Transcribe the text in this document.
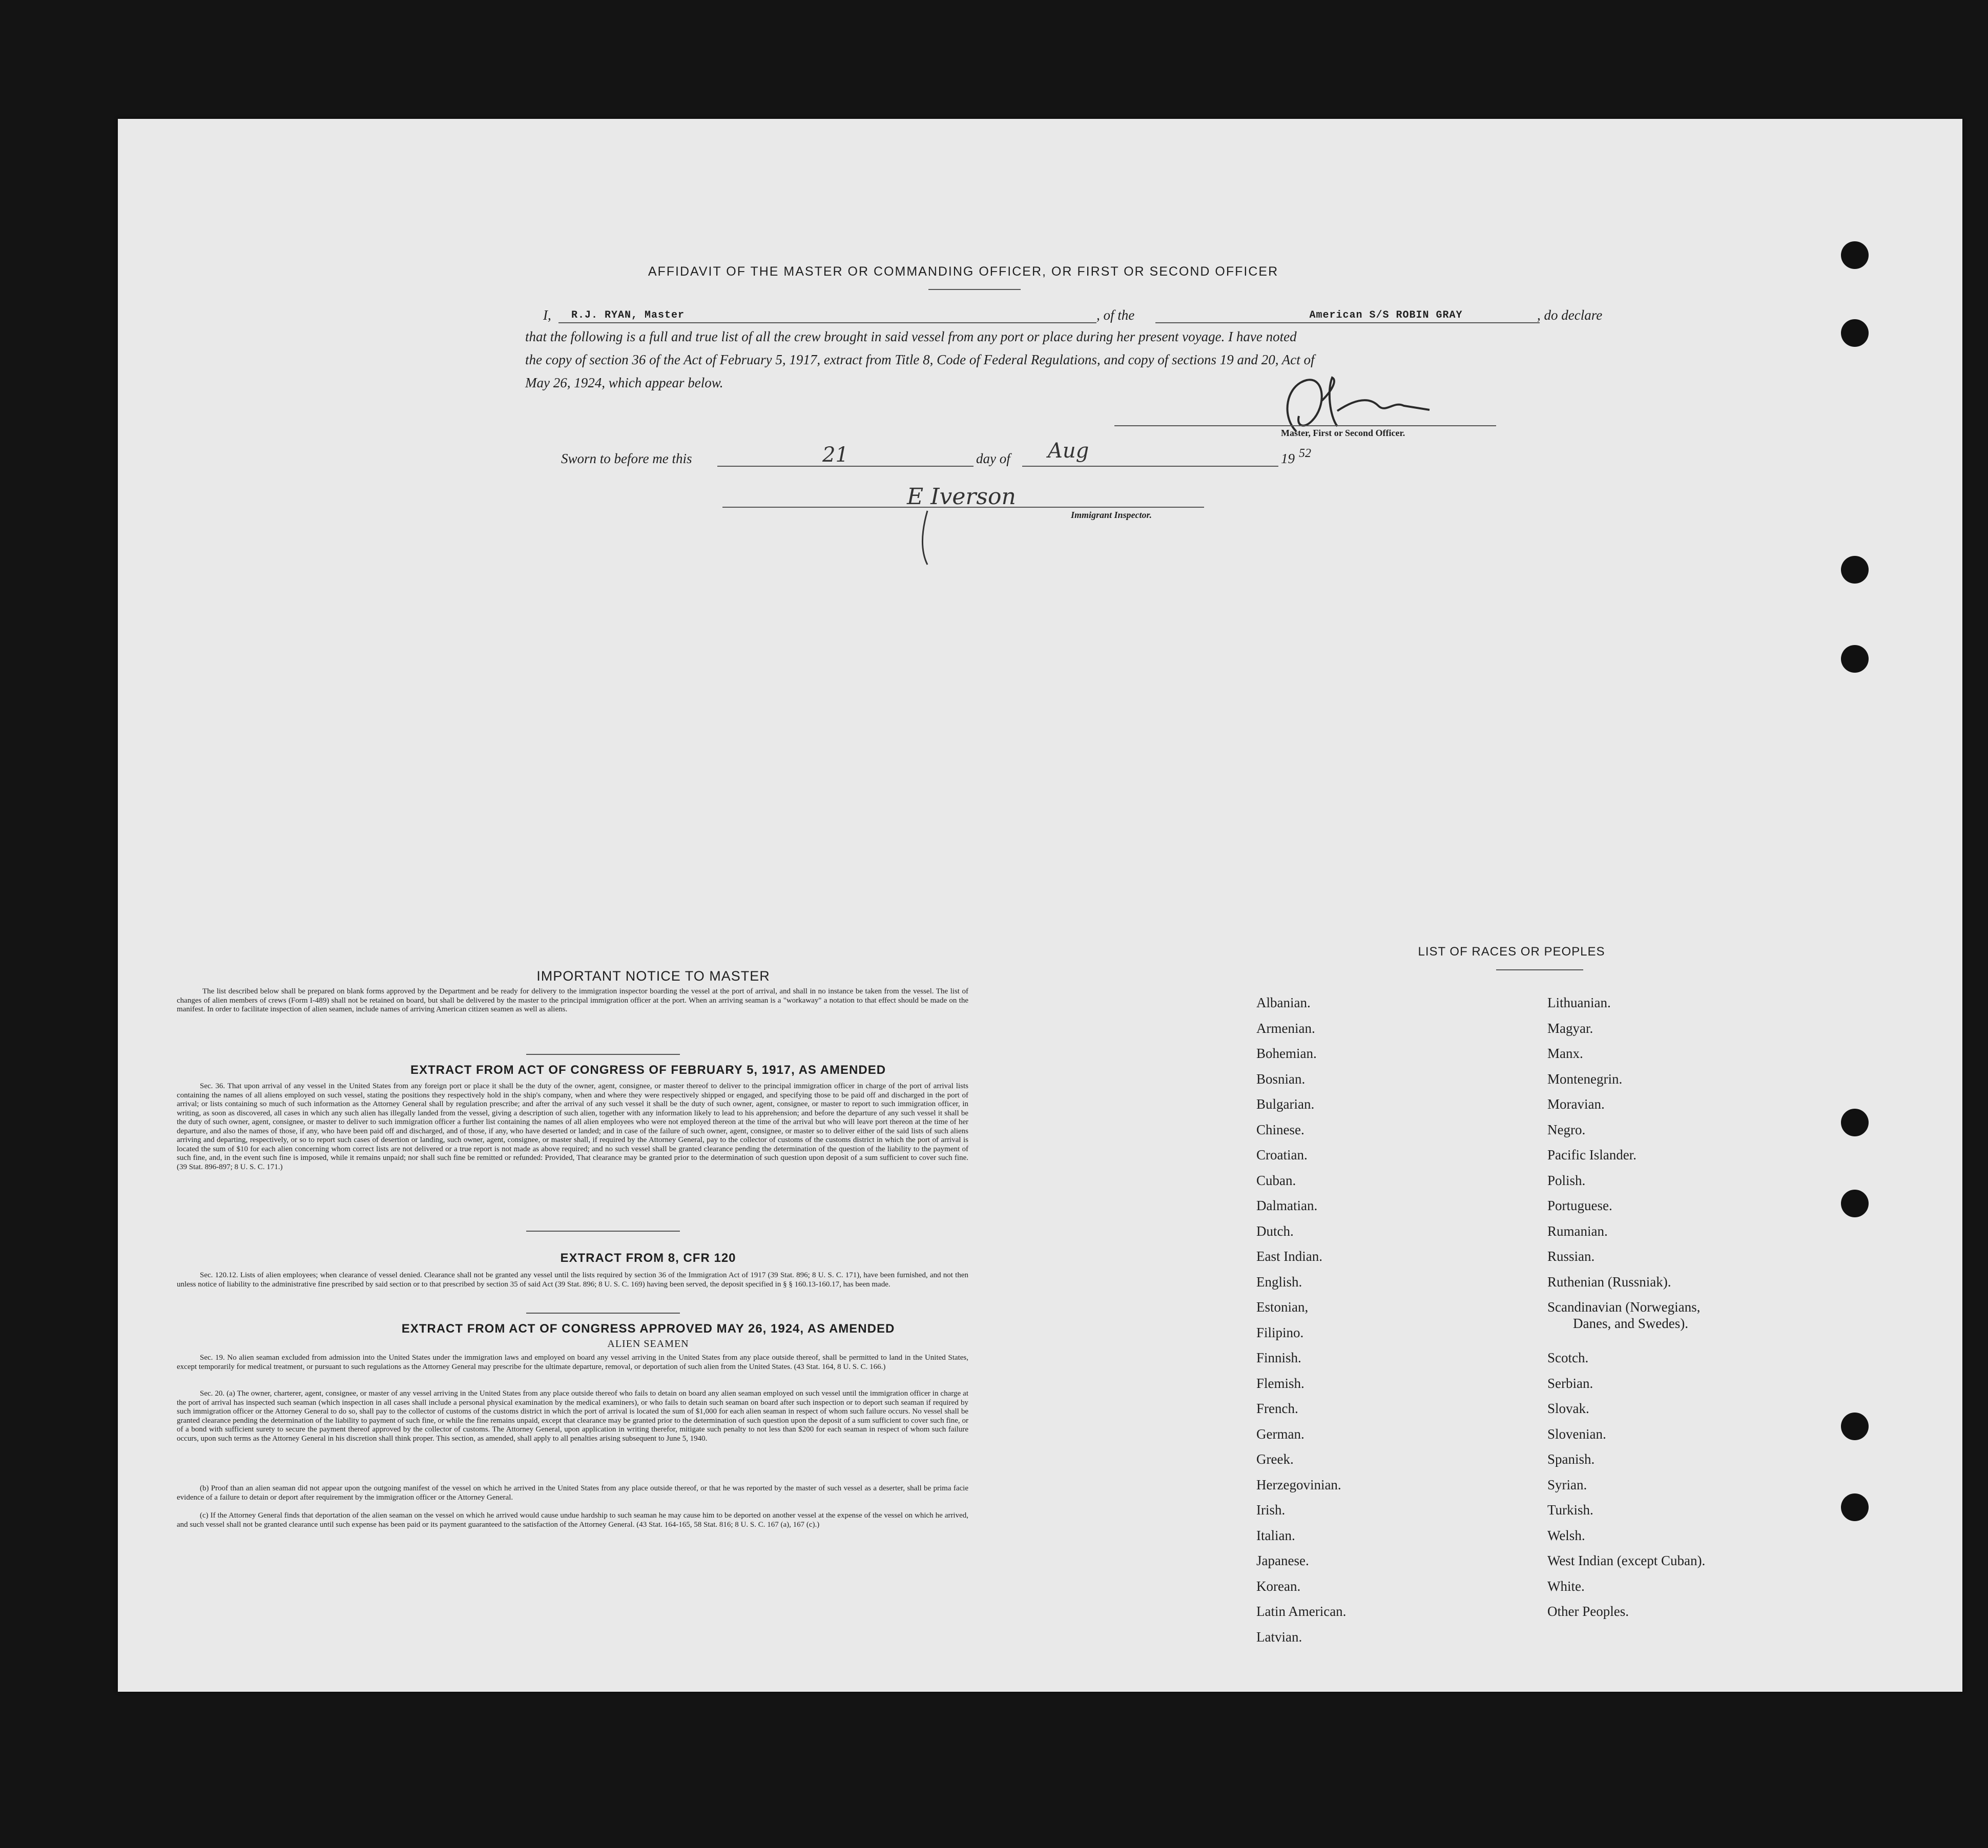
AFFIDAVIT OF THE MASTER OR COMMANDING OFFICER, OR FIRST OR SECOND OFFICER
I, R.J. RYAN, Master	, of the	American S/S ROBIN GRAY	, do declare
that the following is a full and true list of all the crew brought in said vessel from any port or place during her present voyage. I have noted
the copy of section 36 of the Act of February 5, 1917, extract from Title 8, Code of Federal Regulations, and copy of sections 19 and 20, Act of
May 26, 1924, which appear below.
Master, First or Second Officer.
Sworn to before me this	21	day of Aug	19 52
E Iverson
Immigrant Inspector.
IMPORTANT NOTICE TO MASTER
The list described below shall be prepared on blank forms approved by the Department and be ready for delivery to the immigration inspector boarding the vessel at the port of arrival, and shall in no instance be taken from the vessel. The list of changes of alien members of crews (Form I-489) shall not be retained on board, but shall be delivered by the master to the principal immigration officer at the port. When an arriving seaman is a "workaway" a notation to that effect should be made on the manifest. In order to facilitate inspection of alien seamen, include names of arriving American citizen seamen as well as aliens.
EXTRACT FROM ACT OF CONGRESS OF FEBRUARY 5, 1917, AS AMENDED
Sec. 36. That upon arrival of any vessel in the United States from any foreign port or place it shall be the duty of the owner, agent, consignee, or master thereof to deliver to the principal immigration officer in charge of the port of arrival lists containing the names of all aliens employed on such vessel, stating the positions they respectively hold in the ship's company, when and where they were respectively shipped or engaged, and specifying those to be paid off and discharged in the port of arrival; or lists containing so much of such information as the Attorney General shall by regulation prescribe; and after the arrival of any such vessel it shall be the duty of such owner, agent, consignee, or master to report to such immigration officer, in writing, as soon as discovered, all cases in which any such alien has illegally landed from the vessel, giving a description of such alien, together with any information likely to lead to his apprehension; and before the departure of any such vessel it shall be the duty of such owner, agent, consignee, or master to deliver to such immigration officer a further list containing the names of all alien employees who were not employed thereon at the time of the arrival but who will leave port thereon at the time of her departure, and also the names of those, if any, who have been paid off and discharged, and of those, if any, who have deserted or landed; and in case of the failure of such owner, agent, consignee, or master so to deliver either of the said lists of such aliens arriving and departing, respectively, or so to report such cases of desertion or landing, such owner, agent, consignee, or master shall, if required by the Attorney General, pay to the collector of customs of the customs district in which the port of arrival is located the sum of $10 for each alien concerning whom correct lists are not delivered or a true report is not made as above required; and no such vessel shall be granted clearance pending the determination of the question of the liability to the payment of such fine, and, in the event such fine is imposed, while it remains unpaid; nor shall such fine be remitted or refunded: Provided, That clearance may be granted prior to the determination of such question upon deposit of a sum sufficient to cover such fine. (39 Stat. 896-897; 8 U. S. C. 171.)
EXTRACT FROM 8, CFR 120
Sec. 120.12. Lists of alien employees; when clearance of vessel denied. Clearance shall not be granted any vessel until the lists required by section 36 of the Immigration Act of 1917 (39 Stat. 896; 8 U. S. C. 171), have been furnished, and not then unless notice of liability to the administrative fine prescribed by said section or to that prescribed by section 35 of said Act (39 Stat. 896; 8 U. S. C. 169) having been served, the deposit specified in § § 160.13-160.17, has been made.
EXTRACT FROM ACT OF CONGRESS APPROVED MAY 26, 1924, AS AMENDED
ALIEN SEAMEN
Sec. 19. No alien seaman excluded from admission into the United States under the immigration laws and employed on board any vessel arriving in the United States from any place outside thereof, shall be permitted to land in the United States, except temporarily for medical treatment, or pursuant to such regulations as the Attorney General may prescribe for the ultimate departure, removal, or deportation of such alien from the United States. (43 Stat. 164, 8 U. S. C. 166.)
Sec. 20. (a) The owner, charterer, agent, consignee, or master of any vessel arriving in the United States from any place outside thereof who fails to detain on board any alien seaman employed on such vessel until the immigration officer in charge at the port of arrival has inspected such seaman (which inspection in all cases shall include a personal physical examination by the medical examiners), or who fails to detain such seaman on board after such inspection or to deport such seaman if required by such immigration officer or the Attorney General to do so, shall pay to the collector of customs of the customs district in which the port of arrival is located the sum of $1,000 for each alien seaman in respect of whom such failure occurs. No vessel shall be granted clearance pending the determination of the liability to payment of such fine, or while the fine remains unpaid, except that clearance may be granted prior to the determination of such question upon the deposit of a sum sufficient to cover such fine, or of a bond with sufficient surety to secure the payment thereof approved by the collector of customs. The Attorney General, upon application in writing therefor, mitigate such penalty to not less than $200 for each seaman in respect of whom such failure occurs, upon such terms as the Attorney General in his discretion shall think proper. This section, as amended, shall apply to all penalties arising subsequent to June 5, 1940.
(b) Proof than an alien seaman did not appear upon the outgoing manifest of the vessel on which he arrived in the United States from any place outside thereof, or that he was reported by the master of such vessel as a deserter, shall be prima facie evidence of a failure to detain or deport after requirement by the immigration officer or the Attorney General.
(c) If the Attorney General finds that deportation of the alien seaman on the vessel on which he arrived would cause undue hardship to such seaman he may cause him to be deported on another vessel at the expense of the vessel on which he arrived, and such vessel shall not be granted clearance until such expense has been paid or its payment guaranteed to the satisfaction of the Attorney General. (43 Stat. 164-165, 58 Stat. 816; 8 U. S. C. 167 (a), 167 (c).)
LIST OF RACES OR PEOPLES
Albanian.
Armenian.
Bohemian.
Bosnian.
Bulgarian.
Chinese.
Croatian.
Cuban.
Dalmatian.
Dutch.
East Indian.
English.
Estonian,
Filipino.
Finnish.
Flemish.
French.
German.
Greek.
Herzegovinian.
Irish.
Italian.
Japanese.
Korean.
Latin American.
Latvian.
Lithuanian.
Magyar.
Manx.
Montenegrin.
Moravian.
Negro.
Pacific Islander.
Polish.
Portuguese.
Rumanian.
Russian.
Ruthenian (Russniak).
Scandinavian (Norwegians,
Danes, and Swedes).
Scotch.
Serbian.
Slovak.
Slovenian.
Spanish.
Syrian.
Turkish.
Welsh.
West Indian (except Cuban).
White.
Other Peoples.
